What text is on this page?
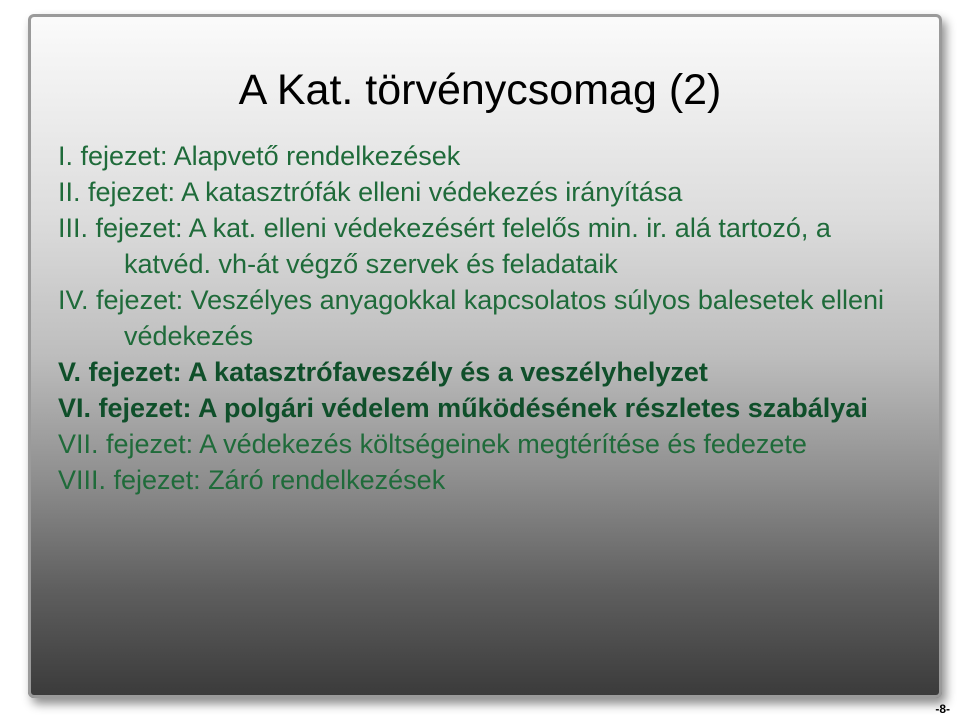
A Kat. törvénycsomag (2)
I. fejezet: Alapvető rendelkezések
II. fejezet: A katasztrófák elleni védekezés irányítása
III. fejezet: A kat. elleni védekezésért felelős min. ir. alá tartozó, a katvéd. vh-át végző szervek és feladataik
IV. fejezet: Veszélyes anyagokkal kapcsolatos súlyos balesetek elleni védekezés
V. fejezet: A katasztrófaveszély és a veszélyhelyzet
VI. fejezet: A polgári védelem működésének részletes szabályai
VII. fejezet: A védekezés költségeinek megtérítése és fedezete
VIII. fejezet: Záró rendelkezések
-8-
